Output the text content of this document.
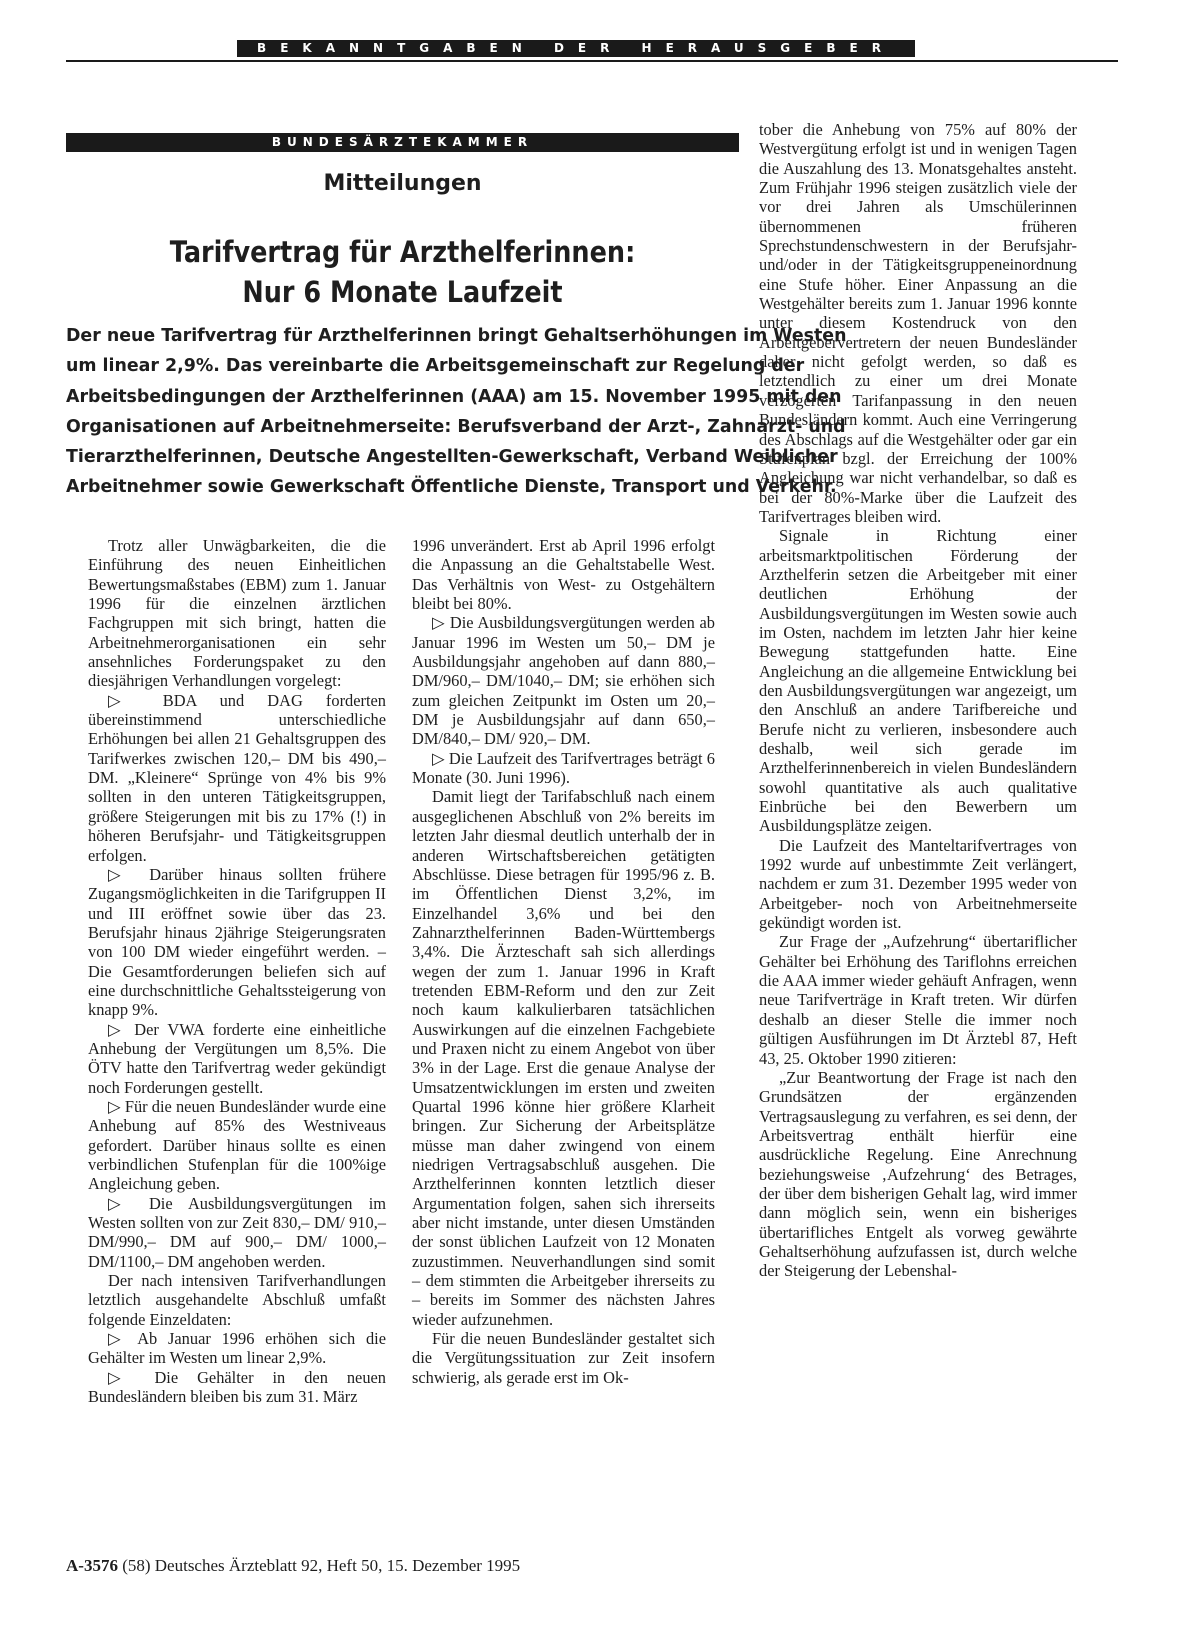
BEKANNTGABEN DER HERAUSGEBER
BUNDESÄRZTEKAMMER
Mitteilungen
Tarifvertrag für Arzthelferinnen:
Nur 6 Monate Laufzeit
Der neue Tarifvertrag für Arzthelferinnen bringt Gehaltserhöhungen im Westen
um linear 2,9%. Das vereinbarte die Arbeitsgemeinschaft zur Regelung der
Arbeitsbedingungen der Arzthelferinnen (AAA) am 15. November 1995 mit den
Organisationen auf Arbeitnehmerseite: Berufsverband der Arzt-, Zahnarzt- und
Tierarzthelferinnen, Deutsche Angestellten-Gewerkschaft, Verband Weiblicher
Arbeitnehmer sowie Gewerkschaft Öffentliche Dienste, Transport und Verkehr.

Trotz aller Unwägbarkeiten, die die Einführung des neuen Einheitlichen Bewertungsmaßstabes (EBM) zum 1. Januar 1996 für die einzelnen ärztlichen Fachgruppen mit sich bringt, hatten die Arbeitnehmerorganisationen ein sehr ansehnliches Forderungspaket zu den diesjährigen Verhandlungen vorgelegt:

▷ BDA und DAG forderten übereinstimmend unterschiedliche Erhöhungen bei allen 21 Gehaltsgruppen des Tarifwerkes zwischen 120,– DM bis 490,– DM. „Kleinere“ Sprünge von 4% bis 9% sollten in den unteren Tätigkeitsgruppen, größere Steigerungen mit bis zu 17% (!) in höheren Berufsjahr- und Tätigkeitsgruppen erfolgen.

▷ Darüber hinaus sollten frühere Zugangsmöglichkeiten in die Tarifgruppen II und III eröffnet sowie über das 23. Berufsjahr hinaus 2jährige Steigerungsraten von 100 DM wieder eingeführt werden. – Die Gesamtforderungen beliefen sich auf eine durchschnittliche Gehaltssteigerung von knapp 9%.

▷ Der VWA forderte eine einheitliche Anhebung der Vergütungen um 8,5%. Die ÖTV hatte den Tarifvertrag weder gekündigt noch Forderungen gestellt.

▷ Für die neuen Bundesländer wurde eine Anhebung auf 85% des Westniveaus gefordert. Darüber hinaus sollte es einen verbindlichen Stufenplan für die 100%ige Angleichung geben.

▷ Die Ausbildungsvergütungen im Westen sollten von zur Zeit 830,– DM/ 910,– DM/990,– DM auf 900,– DM/ 1000,– DM/1100,– DM angehoben werden.

Der nach intensiven Tarifverhandlungen letztlich ausgehandelte Abschluß umfaßt folgende Einzeldaten:

▷ Ab Januar 1996 erhöhen sich die Gehälter im Westen um linear 2,9%.

▷ Die Gehälter in den neuen Bundesländern bleiben bis zum 31. März

1996 unverändert. Erst ab April 1996 erfolgt die Anpassung an die Gehaltstabelle West. Das Verhältnis von West- zu Ostgehältern bleibt bei 80%.

▷ Die Ausbildungsvergütungen werden ab Januar 1996 im Westen um 50,– DM je Ausbildungsjahr angehoben auf dann 880,– DM/960,– DM/1040,– DM; sie erhöhen sich zum gleichen Zeitpunkt im Osten um 20,– DM je Ausbildungsjahr auf dann 650,– DM/840,– DM/ 920,– DM.

▷ Die Laufzeit des Tarifvertrages beträgt 6 Monate (30. Juni 1996).

Damit liegt der Tarifabschluß nach einem ausgeglichenen Abschluß von 2% bereits im letzten Jahr diesmal deutlich unterhalb der in anderen Wirtschaftsbereichen getätigten Abschlüsse. Diese betragen für 1995/96 z. B. im Öffentlichen Dienst 3,2%, im Einzelhandel 3,6% und bei den Zahnarzthelferinnen Baden-Württembergs 3,4%. Die Ärzteschaft sah sich allerdings wegen der zum 1. Januar 1996 in Kraft tretenden EBM-Reform und den zur Zeit noch kaum kalkulierbaren tatsächlichen Auswirkungen auf die einzelnen Fachgebiete und Praxen nicht zu einem Angebot von über 3% in der Lage. Erst die genaue Analyse der Umsatzentwicklungen im ersten und zweiten Quartal 1996 könne hier größere Klarheit bringen. Zur Sicherung der Arbeitsplätze müsse man daher zwingend von einem niedrigen Vertragsabschluß ausgehen. Die Arzthelferinnen konnten letztlich dieser Argumentation folgen, sahen sich ihrerseits aber nicht imstande, unter diesen Umständen der sonst üblichen Laufzeit von 12 Monaten zuzustimmen. Neuverhandlungen sind somit – dem stimmten die Arbeitgeber ihrerseits zu – bereits im Sommer des nächsten Jahres wieder aufzunehmen.

Für die neuen Bundesländer gestaltet sich die Vergütungssituation zur Zeit insofern schwierig, als gerade erst im Ok-

tober die Anhebung von 75% auf 80% der Westvergütung erfolgt ist und in wenigen Tagen die Auszahlung des 13. Monatsgehaltes ansteht. Zum Frühjahr 1996 steigen zusätzlich viele der vor drei Jahren als Umschülerinnen übernommenen früheren Sprechstundenschwestern in der Berufsjahr- und/oder in der Tätigkeitsgruppeneinordnung eine Stufe höher. Einer Anpassung an die Westgehälter bereits zum 1. Januar 1996 konnte unter diesem Kostendruck von den Arbeitgebervertretern der neuen Bundesländer daher nicht gefolgt werden, so daß es letztendlich zu einer um drei Monate verzögerten Tarifanpassung in den neuen Bundesländern kommt. Auch eine Verringerung des Abschlags auf die Westgehälter oder gar ein Stufenplan bzgl. der Erreichung der 100% Angleichung war nicht verhandelbar, so daß es bei der 80%-Marke über die Laufzeit des Tarifvertrages bleiben wird.

Signale in Richtung einer arbeitsmarktpolitischen Förderung der Arzthelferin setzen die Arbeitgeber mit einer deutlichen Erhöhung der Ausbildungsvergütungen im Westen sowie auch im Osten, nachdem im letzten Jahr hier keine Bewegung stattgefunden hatte. Eine Angleichung an die allgemeine Entwicklung bei den Ausbildungsvergütungen war angezeigt, um den Anschluß an andere Tarifbereiche und Berufe nicht zu verlieren, insbesondere auch deshalb, weil sich gerade im Arzthelferinnenbereich in vielen Bundesländern sowohl quantitative als auch qualitative Einbrüche bei den Bewerbern um Ausbildungsplätze zeigen.

Die Laufzeit des Manteltarifvertrages von 1992 wurde auf unbestimmte Zeit verlängert, nachdem er zum 31. Dezember 1995 weder von Arbeitgeber- noch von Arbeitnehmerseite gekündigt worden ist.

Zur Frage der „Aufzehrung“ übertariflicher Gehälter bei Erhöhung des Tariflohns erreichen die AAA immer wieder gehäuft Anfragen, wenn neue Tarifverträge in Kraft treten. Wir dürfen deshalb an dieser Stelle die immer noch gültigen Ausführungen im Dt Ärztebl 87, Heft 43, 25. Oktober 1990 zitieren:

„Zur Beantwortung der Frage ist nach den Grundsätzen der ergänzenden Vertragsauslegung zu verfahren, es sei denn, der Arbeitsvertrag enthält hierfür eine ausdrückliche Regelung. Eine Anrechnung beziehungsweise ‚Aufzehrung‘ des Betrages, der über dem bisherigen Gehalt lag, wird immer dann möglich sein, wenn ein bisheriges übertarifliches Entgelt als vorweg gewährte Gehaltserhöhung aufzufassen ist, durch welche der Steigerung der Lebenshal-

A-3576 (58) Deutsches Ärzteblatt 92, Heft 50, 15. Dezember 1995
